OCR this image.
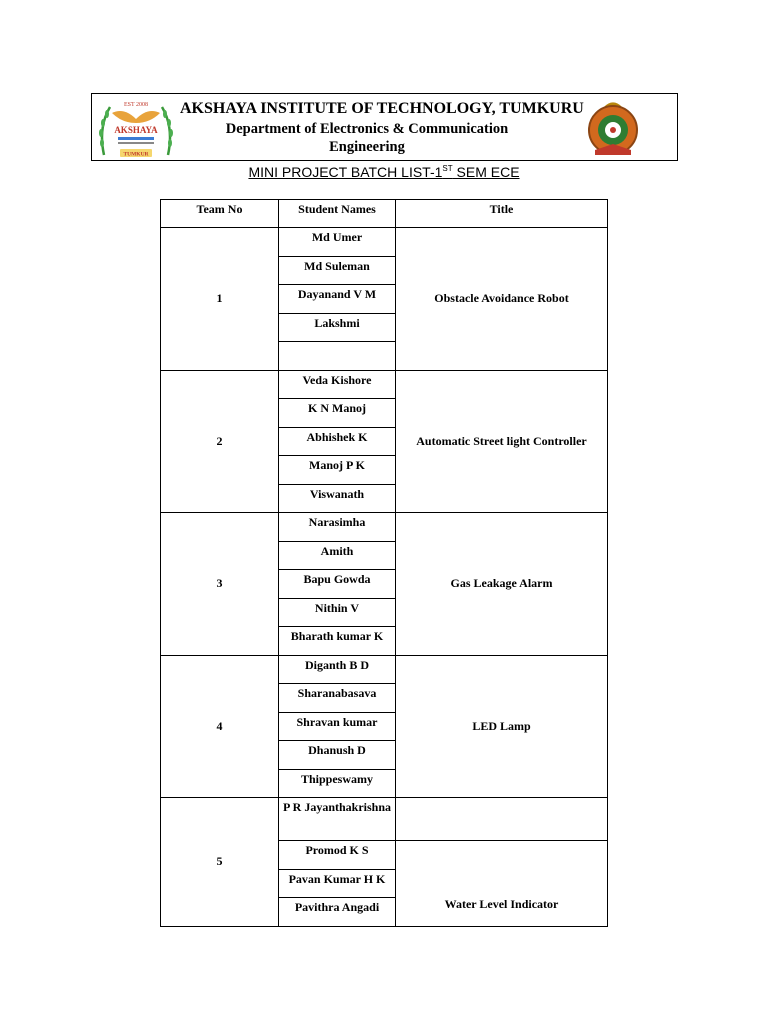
EST 2008
AKSHAYA
TUMKUR
AKSHAYA INSTITUTE OF TECHNOLOGY, TUMKURU
Department of Electronics & Communication
Engineering
MINI PROJECT BATCH LIST-1ST SEM ECE
Team No	Student Names	Title
1	Md Umer	Obstacle Avoidance Robot
	Md Suleman	
	Dayanand V M	
	Lakshmi	

2	Veda Kishore	Automatic Street light Controller
	K N Manoj	
	Abhishek K	
	Manoj P K	
	Viswanath	
3	Narasimha	Gas Leakage Alarm
	Amith	
	Bapu Gowda	
	Nithin V	
	Bharath kumar K	
4	Diganth B D	LED Lamp
	Sharanabasava	
	Shravan kumar	
	Dhanush D	
	Thippeswamy	
5	P R Jayanthakrishna	
	Promod K S	Water Level Indicator
	Pavan Kumar H K	
	Pavithra Angadi	
